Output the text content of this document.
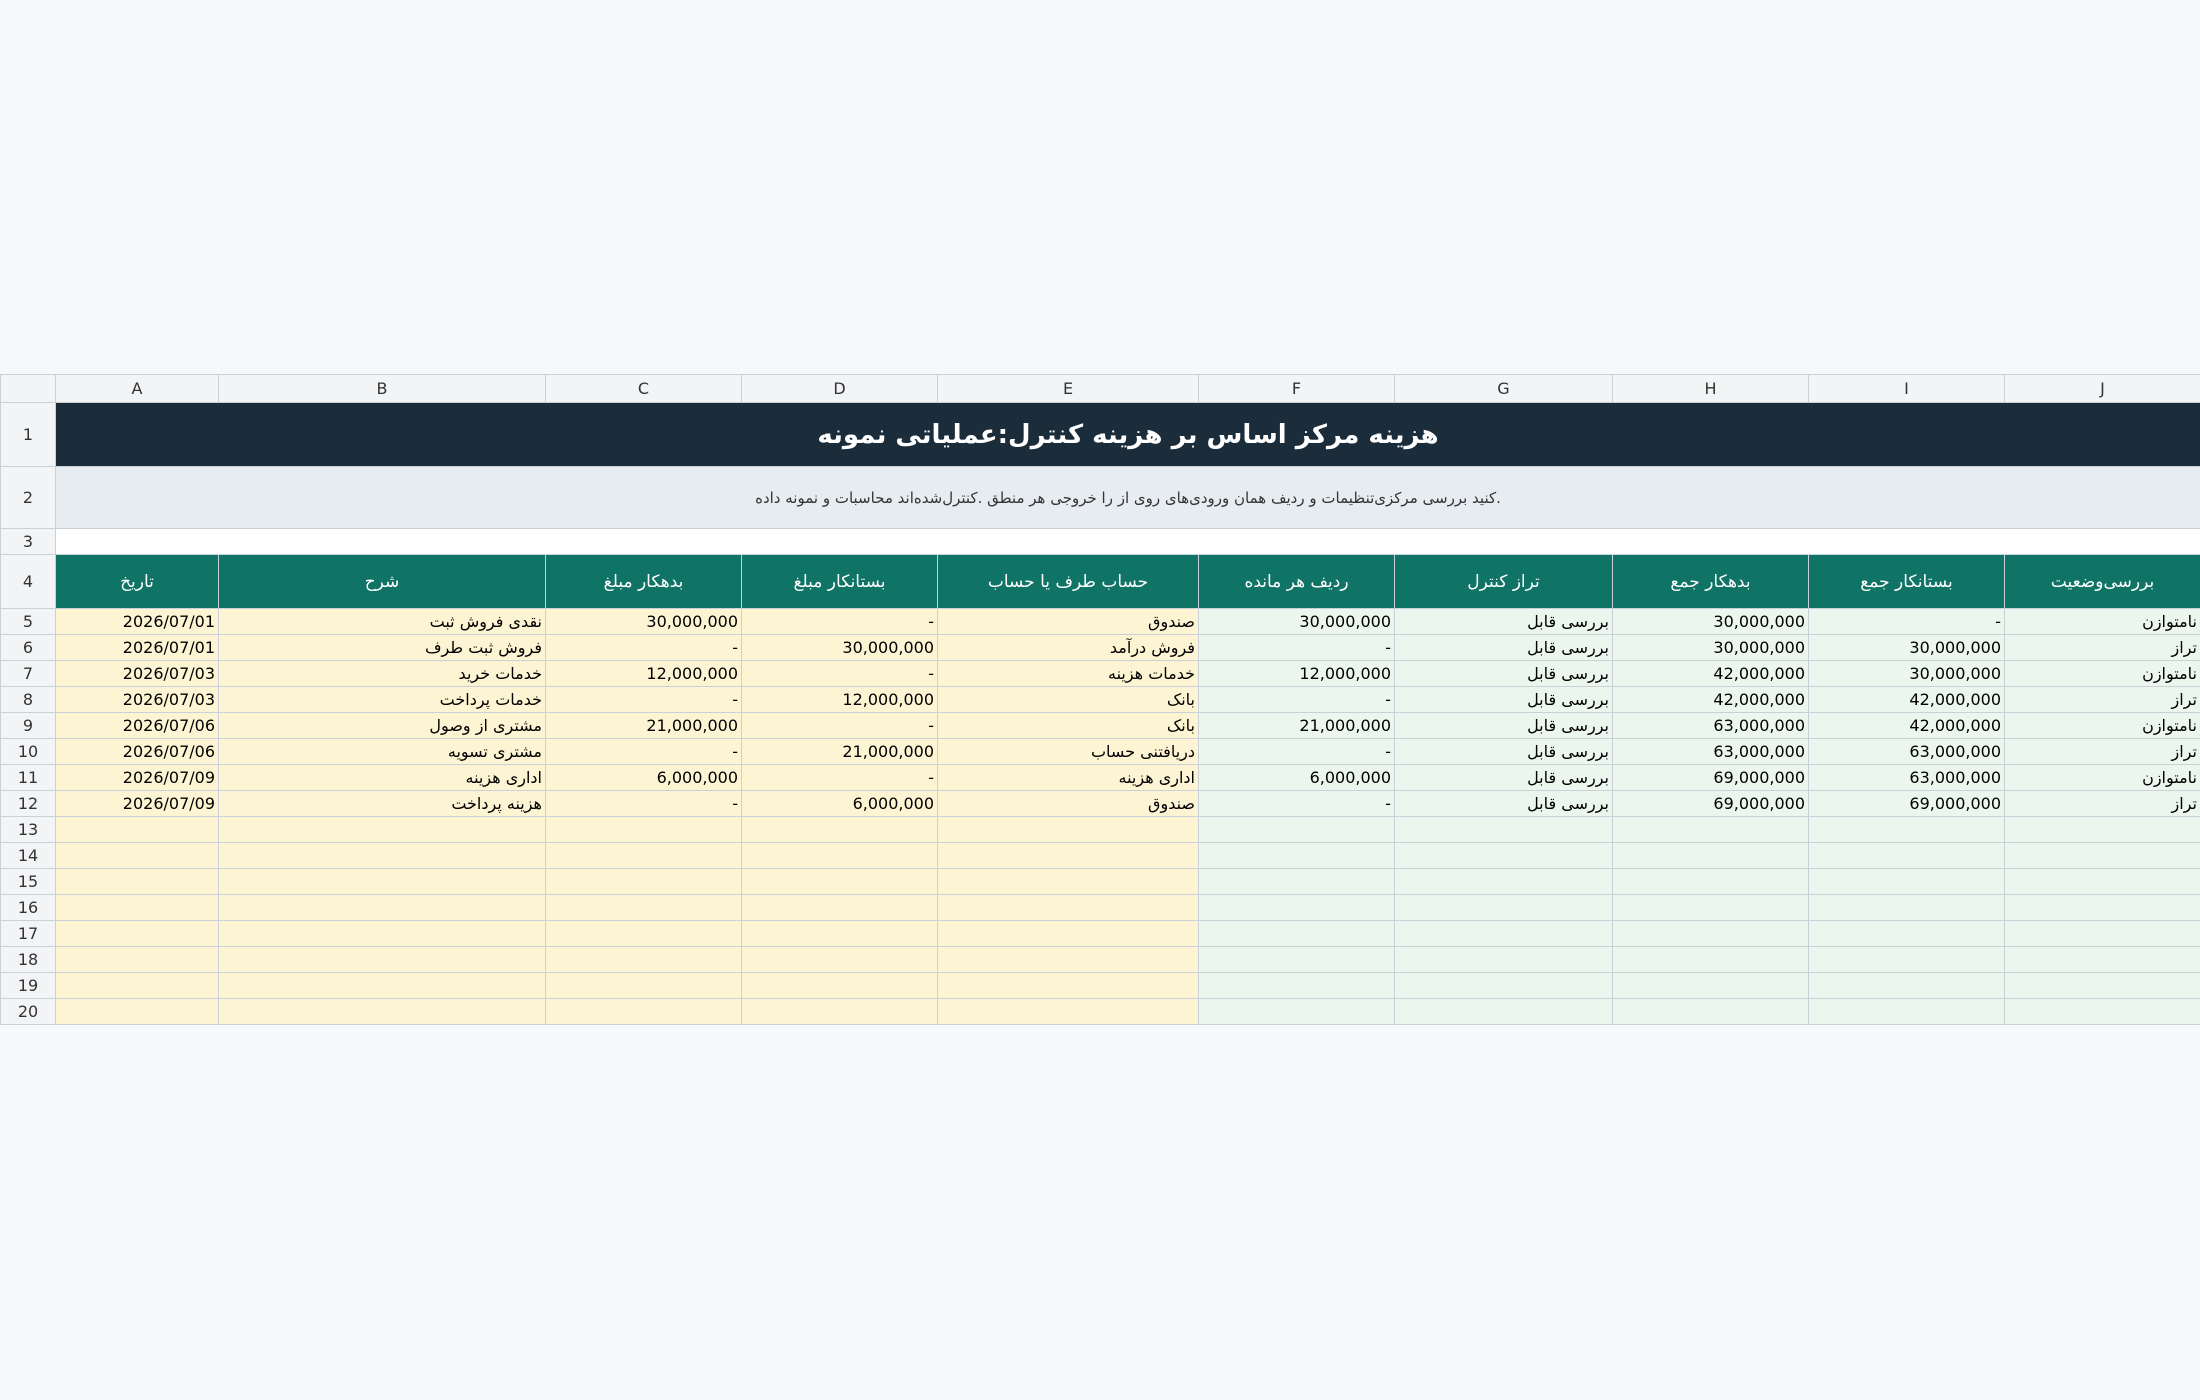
	A	B	C	D	E	F	G	H	I	J
1	هزینه مرکز اساس بر هزینه کنترل:عملیاتی نمونه									
2	کنید بررسی مرکزی‌تنظیمات و ردیف همان ورودی‌های روی از را خروجی هر منطق .کنترل‌شده‌اند محاسبات و نمونه داده.									
3										
4	تاریخ	شرح	بدهکار مبلغ	بستانکار مبلغ	حساب طرف یا حساب	ردیف هر مانده	تراز کنترل	بدهکار جمع	بستانکار جمع	بررسی‌وضعیت
5	2026/07/01	نقدی فروش ثبت	30,000,000	-	صندوق	30,000,000	بررسی قابل	30,000,000	-	نامتوازن
6	2026/07/01	فروش ثبت طرف	-	30,000,000	فروش درآمد	-	بررسی قابل	30,000,000	30,000,000	تراز
7	2026/07/03	خدمات خرید	12,000,000	-	خدمات هزینه	12,000,000	بررسی قابل	42,000,000	30,000,000	نامتوازن
8	2026/07/03	خدمات پرداخت	-	12,000,000	بانک	-	بررسی قابل	42,000,000	42,000,000	تراز
9	2026/07/06	مشتری از وصول	21,000,000	-	بانک	21,000,000	بررسی قابل	63,000,000	42,000,000	نامتوازن
10	2026/07/06	مشتری تسویه	-	21,000,000	دریافتنی حساب	-	بررسی قابل	63,000,000	63,000,000	تراز
11	2026/07/09	اداری هزینه	6,000,000	-	اداری هزینه	6,000,000	بررسی قابل	69,000,000	63,000,000	نامتوازن
12	2026/07/09	هزینه پرداخت	-	6,000,000	صندوق	-	بررسی قابل	69,000,000	69,000,000	تراز
13										
14										
15										
16										
17										
18										
19										
20										
